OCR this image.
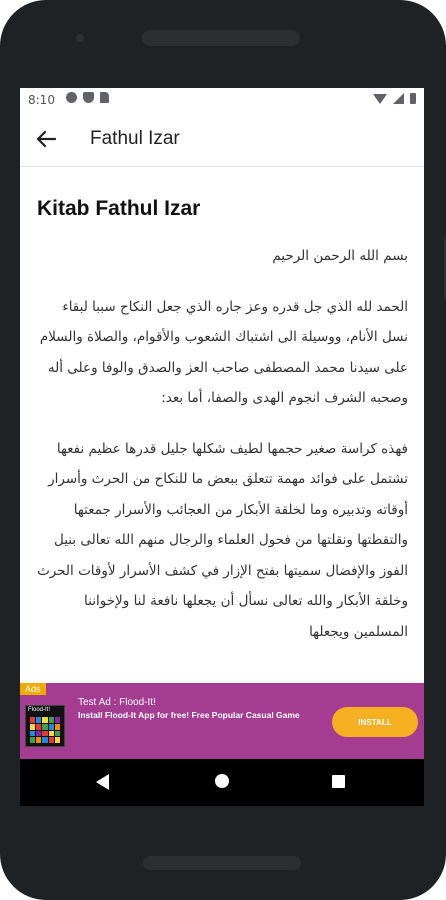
8:10
Fathul Izar
Kitab Fathul Izar

بسم الله الرحمن الرحيم

الحمد لله الذي جل قدره وعز جاره الذي جعل النكاح سببا لبقاء نسل الأنام، ووسيلة الى اشتباك الشعوب والأقوام، والصلاة والسلام على سيدنا محمد المصطفى صاحب العز والصدق والوفا وعلى أله وصحبه الشرف انجوم الهدى والصفا، أما بعد:

فهذه كراسة صغير حجمها لطيف شكلها جليل قدرها عظيم نفعها تشتمل على فوائد مهمة تتعلق ببعض ما للنكاح من الحرث وأسرار أوقاته وتدبيره وما لخلقة الأبكار من العجائب والأسرار جمعتها والتقطتها ونقلتها من فحول العلماء والرجال منهم الله تعالى بنيل الفوز والإفضال سميتها بفتح الإزار في كشف الأسرار لأوقات الحرث وخلقة الأبكار والله تعالى نسأل أن يجعلها نافعة لنا ولإخواننا المسلمين ويجعلها

Ads
Flood-It!
Test Ad : Flood-It!
Install Flood-It App for free! Free Popular Casual Game
INSTALL
